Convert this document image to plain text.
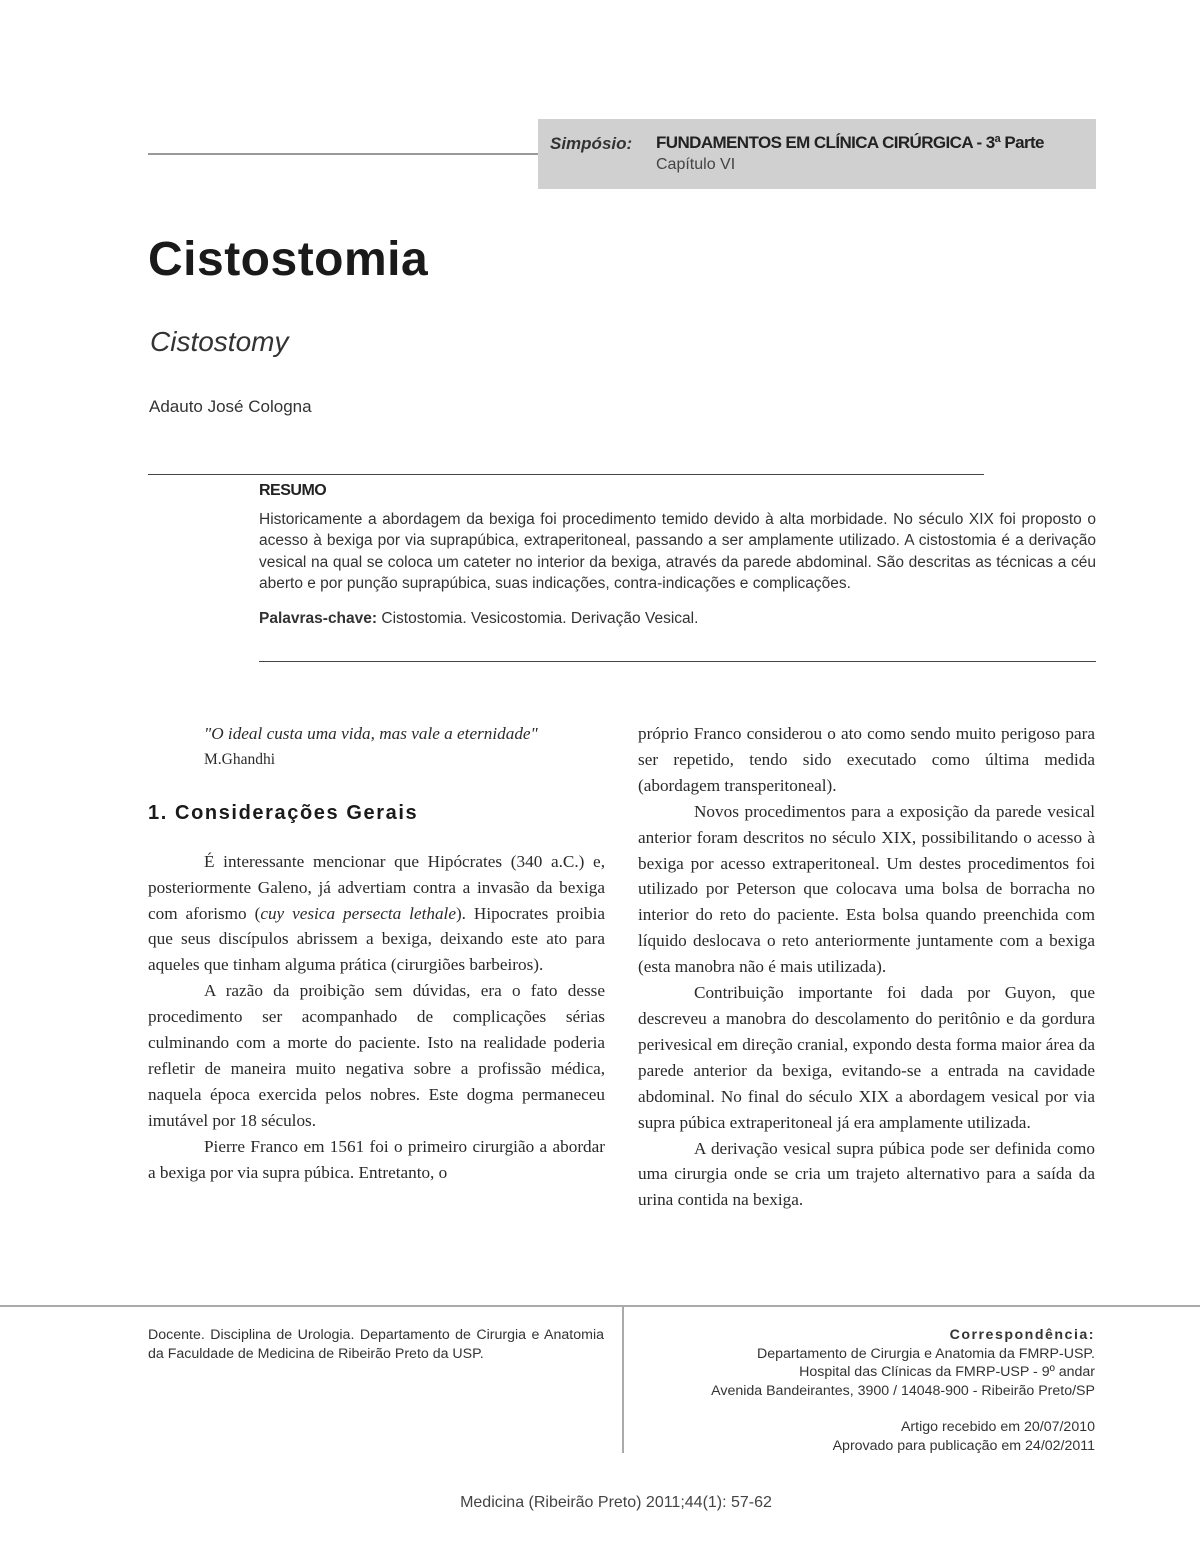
Simpósio: FUNDAMENTOS EM CLÍNICA CIRÚRGICA - 3ª Parte
Capítulo VI
Cistostomia
Cistostomy
Adauto José Cologna
RESUMO
Historicamente a abordagem da bexiga foi procedimento temido devido à alta morbidade. No século XIX foi proposto o acesso à bexiga por via suprapúbica, extraperitoneal, passando a ser amplamente utilizado. A cistostomia é a derivação vesical na qual se coloca um cateter no interior da bexiga, através da parede abdominal. São descritas as técnicas a céu aberto e por punção suprapúbica, suas indicações, contra-indicações e complicações.
Palavras-chave: Cistostomia. Vesicostomia. Derivação Vesical.
"O ideal custa uma vida, mas vale a eternidade"
M.Ghandhi
1. Considerações Gerais

É interessante mencionar que Hipócrates (340 a.C.) e, posteriormente Galeno, já advertiam contra a invasão da bexiga com aforismo (cuy vesica persecta lethale). Hipocrates proibia que seus discípulos abrissem a bexiga, deixando este ato para aqueles que tinham alguma prática (cirurgiões barbeiros).

A razão da proibição sem dúvidas, era o fato desse procedimento ser acompanhado de complicações sérias culminando com a morte do paciente. Isto na realidade poderia refletir de maneira muito negativa sobre a profissão médica, naquela época exercida pelos nobres. Este dogma permaneceu imutável por 18 séculos.

Pierre Franco em 1561 foi o primeiro cirurgião a abordar a bexiga por via supra púbica. Entretanto, o

próprio Franco considerou o ato como sendo muito perigoso para ser repetido, tendo sido executado como última medida (abordagem transperitoneal).

Novos procedimentos para a exposição da parede vesical anterior foram descritos no século XIX, possibilitando o acesso à bexiga por acesso extraperitoneal. Um destes procedimentos foi utilizado por Peterson que colocava uma bolsa de borracha no interior do reto do paciente. Esta bolsa quando preenchida com líquido deslocava o reto anteriormente juntamente com a bexiga (esta manobra não é mais utilizada).

Contribuição importante foi dada por Guyon, que descreveu a manobra do descolamento do peritônio e da gordura perivesical em direção cranial, expondo desta forma maior área da parede anterior da bexiga, evitando-se a entrada na cavidade abdominal. No final do século XIX a abordagem vesical por via supra púbica extraperitoneal já era amplamente utilizada.

A derivação vesical supra púbica pode ser definida como uma cirurgia onde se cria um trajeto alternativo para a saída da urina contida na bexiga.

Docente. Disciplina de Urologia. Departamento de Cirurgia e Anatomia da Faculdade de Medicina de Ribeirão Preto da USP.
Correspondência:
Departamento de Cirurgia e Anatomia da FMRP-USP.
Hospital das Clínicas da FMRP-USP - 9º andar
Avenida Bandeirantes, 3900 / 14048-900 - Ribeirão Preto/SP
Artigo recebido em 20/07/2010
Aprovado para publicação em 24/02/2011
Medicina (Ribeirão Preto) 2011;44(1): 57-62
